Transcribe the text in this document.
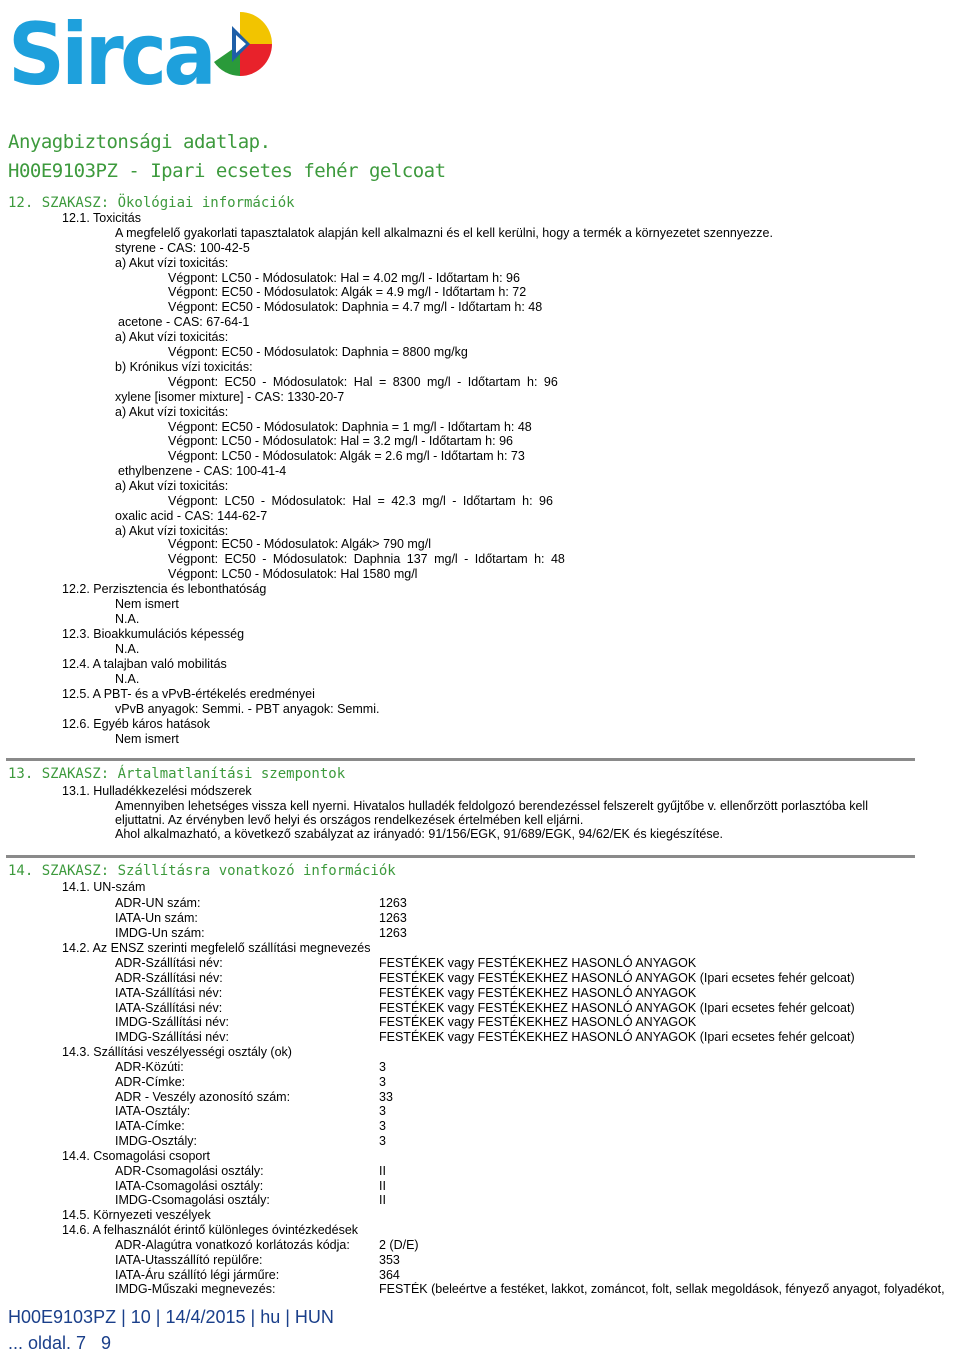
Sirca
Anyagbiztonsági adatlap.
H00E9103PZ - Ipari ecsetes fehér gelcoat
12. SZAKASZ: Ökológiai információk
12.1. Toxicitás
A megfelelő gyakorlati tapasztalatok alapján kell alkalmazni és el kell kerülni, hogy a termék a környezetet szennyezze.
styrene - CAS: 100-42-5
a) Akut vízi toxicitás:
Végpont: LC50 - Módosulatok: Hal = 4.02 mg/l - Időtartam h: 96
Végpont: EC50 - Módosulatok: Algák = 4.9 mg/l - Időtartam h: 72
Végpont: EC50 - Módosulatok: Daphnia = 4.7 mg/l - Időtartam h: 48
acetone - CAS: 67-64-1
a) Akut vízi toxicitás:
Végpont: EC50 - Módosulatok: Daphnia = 8800 mg/kg
b) Krónikus vízi toxicitás:
Végpont: EC50 - Módosulatok: Hal = 8300 mg/l - Időtartam h: 96
xylene [isomer mixture] - CAS: 1330-20-7
a) Akut vízi toxicitás:
Végpont: EC50 - Módosulatok: Daphnia = 1 mg/l - Időtartam h: 48
Végpont: LC50 - Módosulatok: Hal = 3.2 mg/l - Időtartam h: 96
Végpont: LC50 - Módosulatok: Algák = 2.6 mg/l - Időtartam h: 73
ethylbenzene - CAS: 100-41-4
a) Akut vízi toxicitás:
Végpont: LC50 - Módosulatok: Hal = 42.3 mg/l - Időtartam h: 96
oxalic acid - CAS: 144-62-7
a) Akut vízi toxicitás:
Végpont: EC50 - Módosulatok: Algák> 790 mg/l
Végpont: EC50 - Módosulatok: Daphnia 137 mg/l - Időtartam h: 48
Végpont: LC50 - Módosulatok: Hal 1580 mg/l
12.2. Perzisztencia és lebonthatóság
Nem ismert
N.A.
12.3. Bioakkumulációs képesség
N.A.
12.4. A talajban való mobilitás
N.A.
12.5. A PBT- és a vPvB-értékelés eredményei
vPvB anyagok: Semmi. - PBT anyagok: Semmi.
12.6. Egyéb káros hatások
Nem ismert
13. SZAKASZ: Ártalmatlanítási szempontok
13.1. Hulladékkezelési módszerek
Amennyiben lehetséges vissza kell nyerni. Hivatalos hulladék feldolgozó berendezéssel felszerelt gyűjtőbe v. ellenőrzött porlasztóba kell eljuttatni. Az érvényben levő helyi és országos rendelkezések értelmében kell eljárni.
Ahol alkalmazható, a következő szabályzat az irányadó: 91/156/EGK, 91/689/EGK, 94/62/EK és kiegészítése.
14. SZAKASZ: Szállításra vonatkozó információk
14.1. UN-szám
ADR-UN szám:	1263
IATA-Un szám:	1263
IMDG-Un szám:	1263
14.2. Az ENSZ szerinti megfelelő szállítási megnevezés
ADR-Szállítási név:	FESTÉKEK vagy FESTÉKEKHEZ HASONLÓ ANYAGOK
ADR-Szállítási név:	FESTÉKEK vagy FESTÉKEKHEZ HASONLÓ ANYAGOK (Ipari ecsetes fehér gelcoat)
IATA-Szállítási név:	FESTÉKEK vagy FESTÉKEKHEZ HASONLÓ ANYAGOK
IATA-Szállítási név:	FESTÉKEK vagy FESTÉKEKHEZ HASONLÓ ANYAGOK (Ipari ecsetes fehér gelcoat)
IMDG-Szállítási név:	FESTÉKEK vagy FESTÉKEKHEZ HASONLÓ ANYAGOK
IMDG-Szállítási név:	FESTÉKEK vagy FESTÉKEKHEZ HASONLÓ ANYAGOK (Ipari ecsetes fehér gelcoat)
14.3. Szállítási veszélyességi osztály (ok)
ADR-Közúti:	3
ADR-Címke:	3
ADR - Veszély azonosító szám:	33
IATA-Osztály:	3
IATA-Címke:	3
IMDG-Osztály:	3
14.4. Csomagolási csoport
ADR-Csomagolási osztály:	II
IATA-Csomagolási osztály:	II
IMDG-Csomagolási osztály:	II
14.5. Környezeti veszélyek
14.6. A felhasználót érintő különleges óvintézkedések
ADR-Alagútra vonatkozó korlátozás kódja: 2 (D/E)
IATA-Utasszállító repülőre:	353
IATA-Áru szállító légi járműre:	364
IMDG-Műszaki megnevezés:	FESTÉK (beleértve a festéket, lakkot, zománcot, folt, sellak megoldások, fényező anyagot, folyadékot,
H00E9103PZ | 10 | 14/4/2015 | hu | HUN
... oldal. 7   9
